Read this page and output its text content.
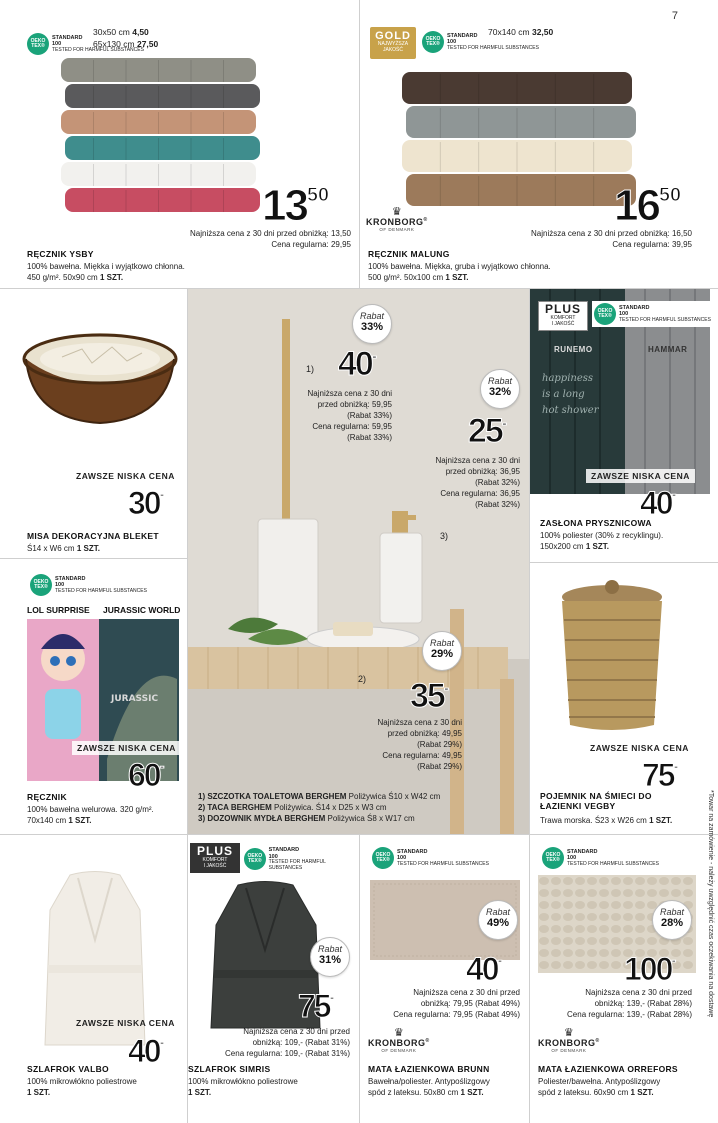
7
OEKO TEX®
STANDARD
100
TESTED FOR HARMFUL SUBSTANCES
30x50 cm 4,50
65x130 cm 27,50
$13^{50}$
Najniższa cena z 30 dni przed obniżką: 13,50
Cena regularna: 29,95
RĘCZNIK YSBY
100% bawełna. Miękka i wyjątkowo chłonna.
450 g/m². 50x90 cm 1 SZT.
GOLD
NAJWYŻSZA
JAKOŚĆ
OEKO TEX®
STANDARD
100
TESTED FOR HARMFUL SUBSTANCES
70x140 cm 32,50
♛
KRONBORG®
OF DENMARK	$16^{50}$
Najniższa cena z 30 dni przed obniżką: 16,50
Cena regularna: 39,95
RĘCZNIK MALUNG
100% bawełna. Miękka, gruba i wyjątkowo chłonna.
500 g/m². 50x100 cm 1 SZT.
ZAWSZE NISKA CENA
30-
MISA DEKORACYJNA BLEKET
Ś14 x W6 cm 1 SZT.
1)
3)
2)
Rabat
33%
40-
Najniższa cena z 30 dni
przed obniżką: 59,95
(Rabat 33%)
Cena regularna: 59,95
(Rabat 33%)
Rabat
32%
25-
Najniższa cena z 30 dni
przed obniżką: 36,95
(Rabat 32%)
Cena regularna: 36,95
(Rabat 32%)
Rabat
29%
35-
Najniższa cena z 30 dni
przed obniżką: 49,95
(Rabat 29%)
Cena regularna: 49,95
(Rabat 29%)
1) SZCZOTKA TOALETOWA BERGHEM Poliżywica Ś10 x W42 cm
2) TACA BERGHEM Poliżywica. Ś14 x D25 x W3 cm
3) DOZOWNIK MYDŁA BERGHEM Poliżywica Ś8 x W17 cm
happiness
is a long
hot shower
PLUS
KOMFORT
I JAKOŚĆ
OEKO TEX®
STANDARD
100
TESTED FOR HARMFUL SUBSTANCES
RUNEMO	HAMMAR
ZAWSZE NISKA CENA
40-
ZASŁONA PRYSZNICOWA
100% poliester (30% z recyklingu).
150x200 cm 1 SZT.
OEKO TEX®
STANDARD
100
TESTED FOR HARMFUL SUBSTANCES
LOL SURPRISE JURASSIC WORLD
JURASSIC
ZAWSZE NISKA CENA
60-
RĘCZNIK
100% bawełna welurowa. 320 g/m².
70x140 cm 1 SZT.
ZAWSZE NISKA CENA
75-
POJEMNIK NA ŚMIECI DO
ŁAZIENKI VEGBY
Trawa morska. Ś23 x W26 cm 1 SZT.
ZAWSZE NISKA CENA
40-
SZLAFROK VALBO
100% mikrowłókno poliestrowe
1 SZT.
PLUS
KOMFORT
I JAKOŚĆ
OEKO TEX®
STANDARD
100
TESTED FOR HARMFUL SUBSTANCES
Rabat
31%
75-
Najniższa cena z 30 dni przed
obniżką: 109,- (Rabat 31%)
Cena regularna: 109,- (Rabat 31%)
SZLAFROK SIMRIS
100% mikrowłókno poliestrowe
1 SZT.
OEKO TEX®
STANDARD
100
TESTED FOR HARMFUL SUBSTANCES
Rabat
49%
40-
Najniższa cena z 30 dni przed
obniżką: 79,95 (Rabat 49%)
Cena regularna: 79,95 (Rabat 49%)
♛
KRONBORG®
OF DENMARK
MATA ŁAZIENKOWA BRUNN
Bawełna/poliester. Antypoślizgowy
spód z lateksu. 50x80 cm 1 SZT.
OEKO TEX®
STANDARD
100
TESTED FOR HARMFUL SUBSTANCES
Rabat
28%
100-
Najniższa cena z 30 dni przed
obniżką: 139,- (Rabat 28%)
Cena regularna: 139,- (Rabat 28%)
♛
KRONBORG®
OF DENMARK
MATA ŁAZIENKOWA ORREFORS
Poliester/bawełna. Antypoślizgowy
spód z lateksu. 60x90 cm 1 SZT.
*Towar na zamówienie - należy uwzględnić czas oczekiwania na dostawę
